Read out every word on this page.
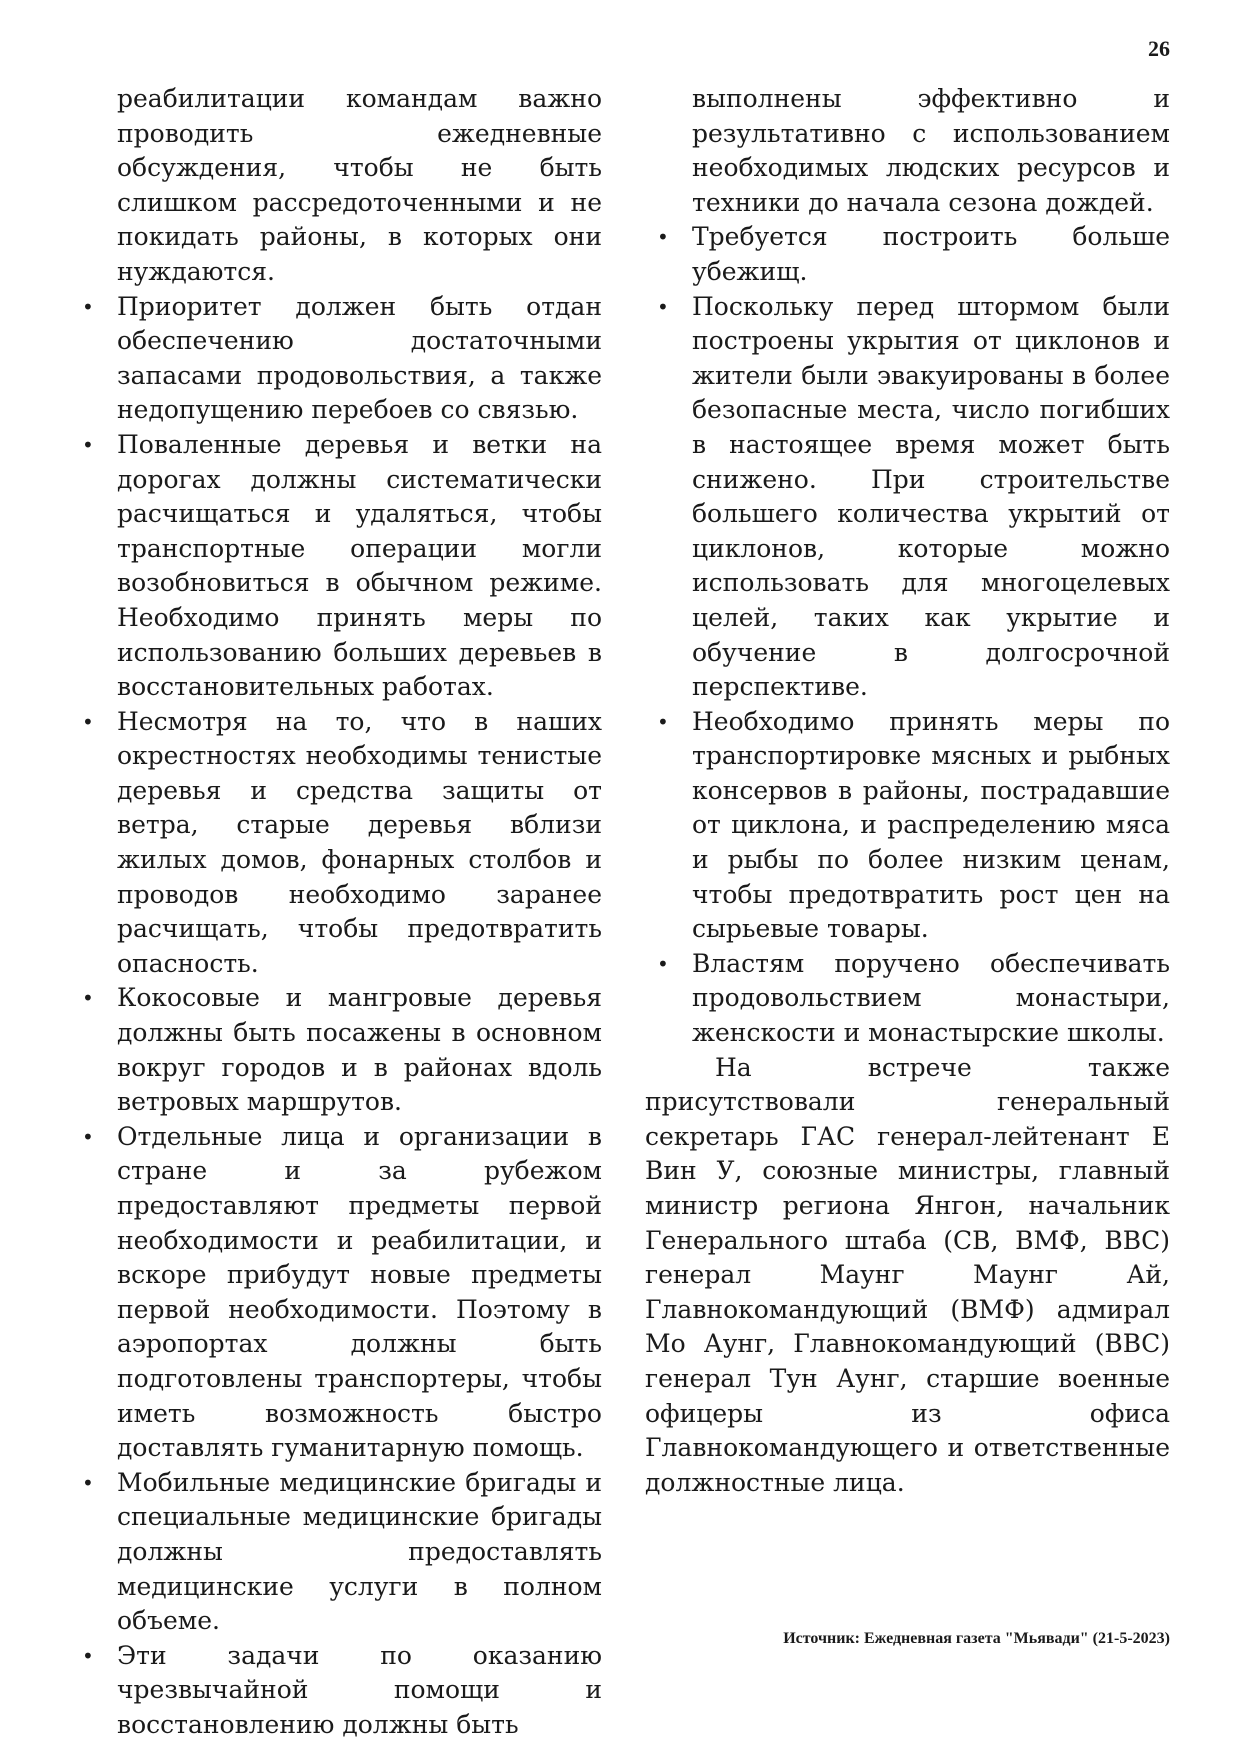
26

реабилитации командам важно проводить ежедневные обсуждения, чтобы не быть слишком рассредоточенными и не покидать районы, в которых они нуждаются.

• Приоритет должен быть отдан обеспечению достаточными запасами продовольствия, а также недопущению перебоев со связью.
• Поваленные деревья и ветки на дорогах должны систематически расчищаться и удаляться, чтобы транспортные операции могли возобновиться в обычном режиме. Необходимо принять меры по использованию больших деревьев в восстановительных работах.
• Несмотря на то, что в наших окрестностях необходимы тенистые деревья и средства защиты от ветра, старые деревья вблизи жилых домов, фонарных столбов и проводов необходимо заранее расчищать, чтобы предотвратить опасность.
• Кокосовые и мангровые деревья должны быть посажены в основном вокруг городов и в районах вдоль ветровых маршрутов.
• Отдельные лица и организации в стране и за рубежом предоставляют предметы первой необходимости и реабилитации, и вскоре прибудут новые предметы первой необходимости. Поэтому в аэропортах должны быть подготовлены транспортеры, чтобы иметь возможность быстро доставлять гуманитарную помощь.
• Мобильные медицинские бригады и специальные медицинские бригады должны предоставлять медицинские услуги в полном объеме.
• Эти задачи по оказанию чрезвычайной помощи и восстановлению должны быть

выполнены эффективно и результативно с использованием необходимых людских ресурсов и техники до начала сезона дождей.

• Требуется построить больше убежищ.
• Поскольку перед штормом были построены укрытия от циклонов и жители были эвакуированы в более безопасные места, число погибших в настоящее время может быть снижено. При строительстве большего количества укрытий от циклонов, которые можно использовать для многоцелевых целей, таких как укрытие и обучение в долгосрочной перспективе.
• Необходимо принять меры по транспортировке мясных и рыбных консервов в районы, пострадавшие от циклона, и распределению мяса и рыбы по более низким ценам, чтобы предотвратить рост цен на сырьевые товары.
• Властям поручено обеспечивать продовольствием монастыри, женскости и монастырские школы.

На встрече также присутствовали генеральный секретарь ГАС генерал-лейтенант Е Вин У, союзные министры, главный министр региона Янгон, начальник Генерального штаба (СВ, ВМФ, ВВС) генерал Маунг Маунг Ай, Главнокомандующий (ВМФ) адмирал Мо Аунг, Главнокомандующий (ВВС) генерал Тун Аунг, старшие военные офицеры из офиса Главнокомандующего и ответственные должностные лица.

Источник: Ежедневная газета "Мьявади" (21-5-2023)
